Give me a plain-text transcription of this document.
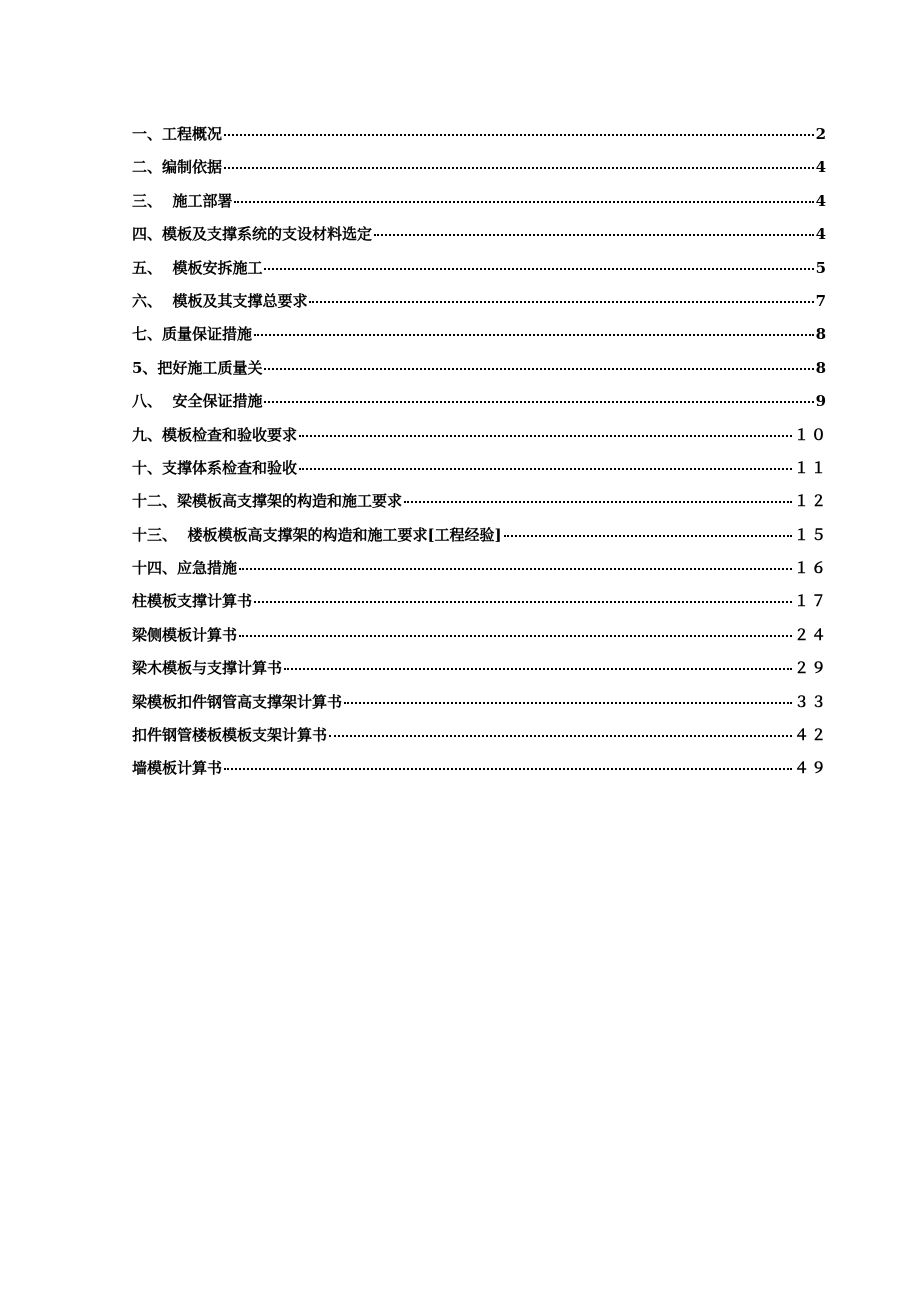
一、工程概况	2
二、编制依据	4
三、  施工部署	4
四、模板及支撑系统的支设材料选定	4
五、  模板安拆施工	5
六、  模板及其支撑总要求	7
七、质量保证措施	8
5、把好施工质量关	8
八、  安全保证措施	9
九、模板检查和验收要求	１０
十、支撑体系检查和验收	１１
十二、梁模板高支撑架的构造和施工要求	１２
十三、  楼板模板高支撑架的构造和施工要求[工程经验]	１５
十四、应急措施	１６
柱模板支撑计算书	１７
梁侧模板计算书	２４
梁木模板与支撑计算书	２９
梁模板扣件钢管高支撑架计算书	３３
扣件钢管楼板模板支架计算书	４２
墙模板计算书	４９
